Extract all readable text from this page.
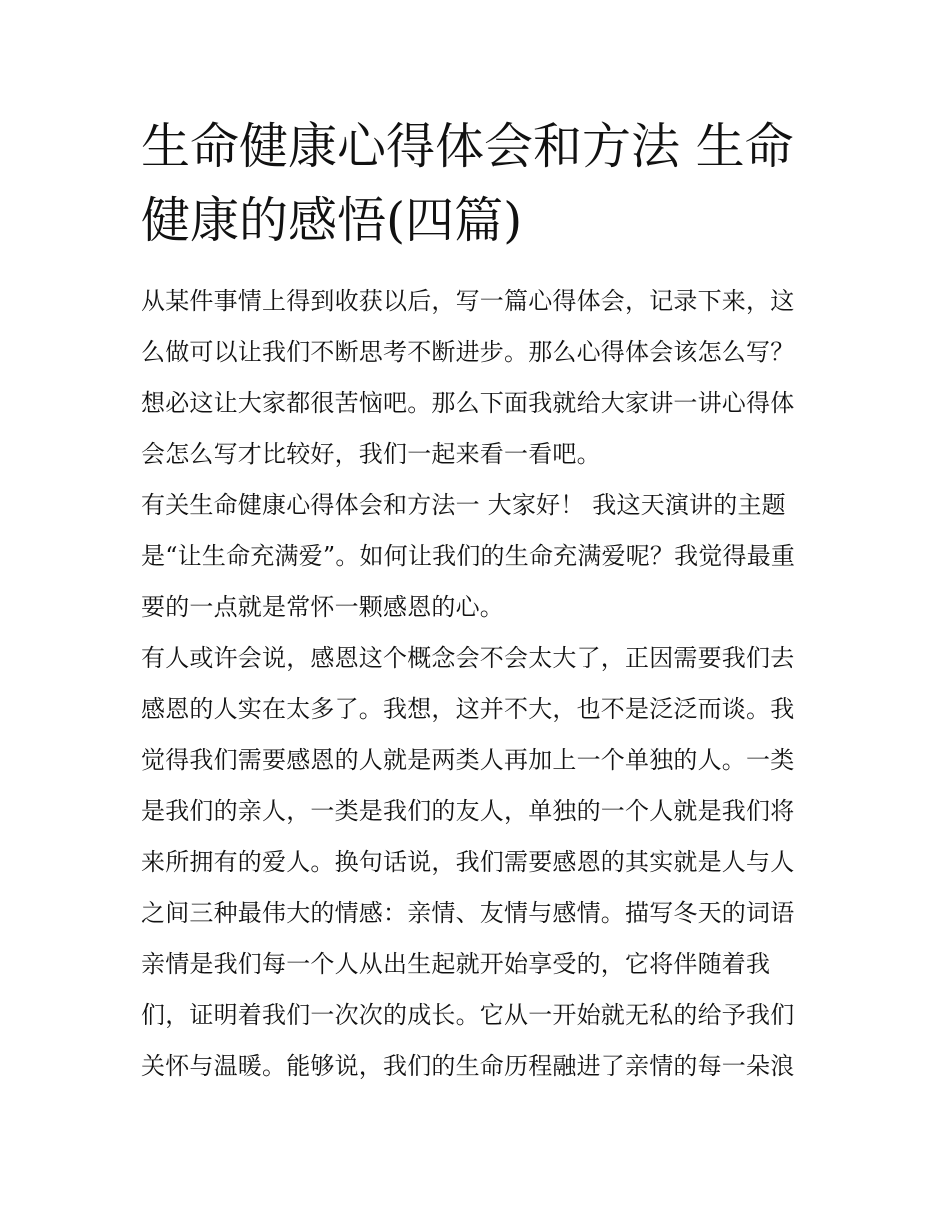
生命健康心得体会和方法 生命
健康的感悟(四篇)
从某件事情上得到收获以后，写一篇心得体会，记录下来，这
么做可以让我们不断思考不断进步。那么心得体会该怎么写？
想必这让大家都很苦恼吧。那么下面我就给大家讲一讲心得体
会怎么写才比较好，我们一起来看一看吧。
有关生命健康心得体会和方法一 大家好！ 我这天演讲的主题
是“让生命充满爱”。如何让我们的生命充满爱呢？我觉得最重
要的一点就是常怀一颗感恩的心。
有人或许会说，感恩这个概念会不会太大了，正因需要我们去
感恩的人实在太多了。我想，这并不大，也不是泛泛而谈。我
觉得我们需要感恩的人就是两类人再加上一个单独的人。一类
是我们的亲人，一类是我们的友人，单独的一个人就是我们将
来所拥有的爱人。换句话说，我们需要感恩的其实就是人与人
之间三种最伟大的情感：亲情、友情与感情。描写冬天的词语
亲情是我们每一个人从出生起就开始享受的，它将伴随着我
们，证明着我们一次次的成长。它从一开始就无私的给予我们
关怀与温暖。能够说，我们的生命历程融进了亲情的每一朵浪
